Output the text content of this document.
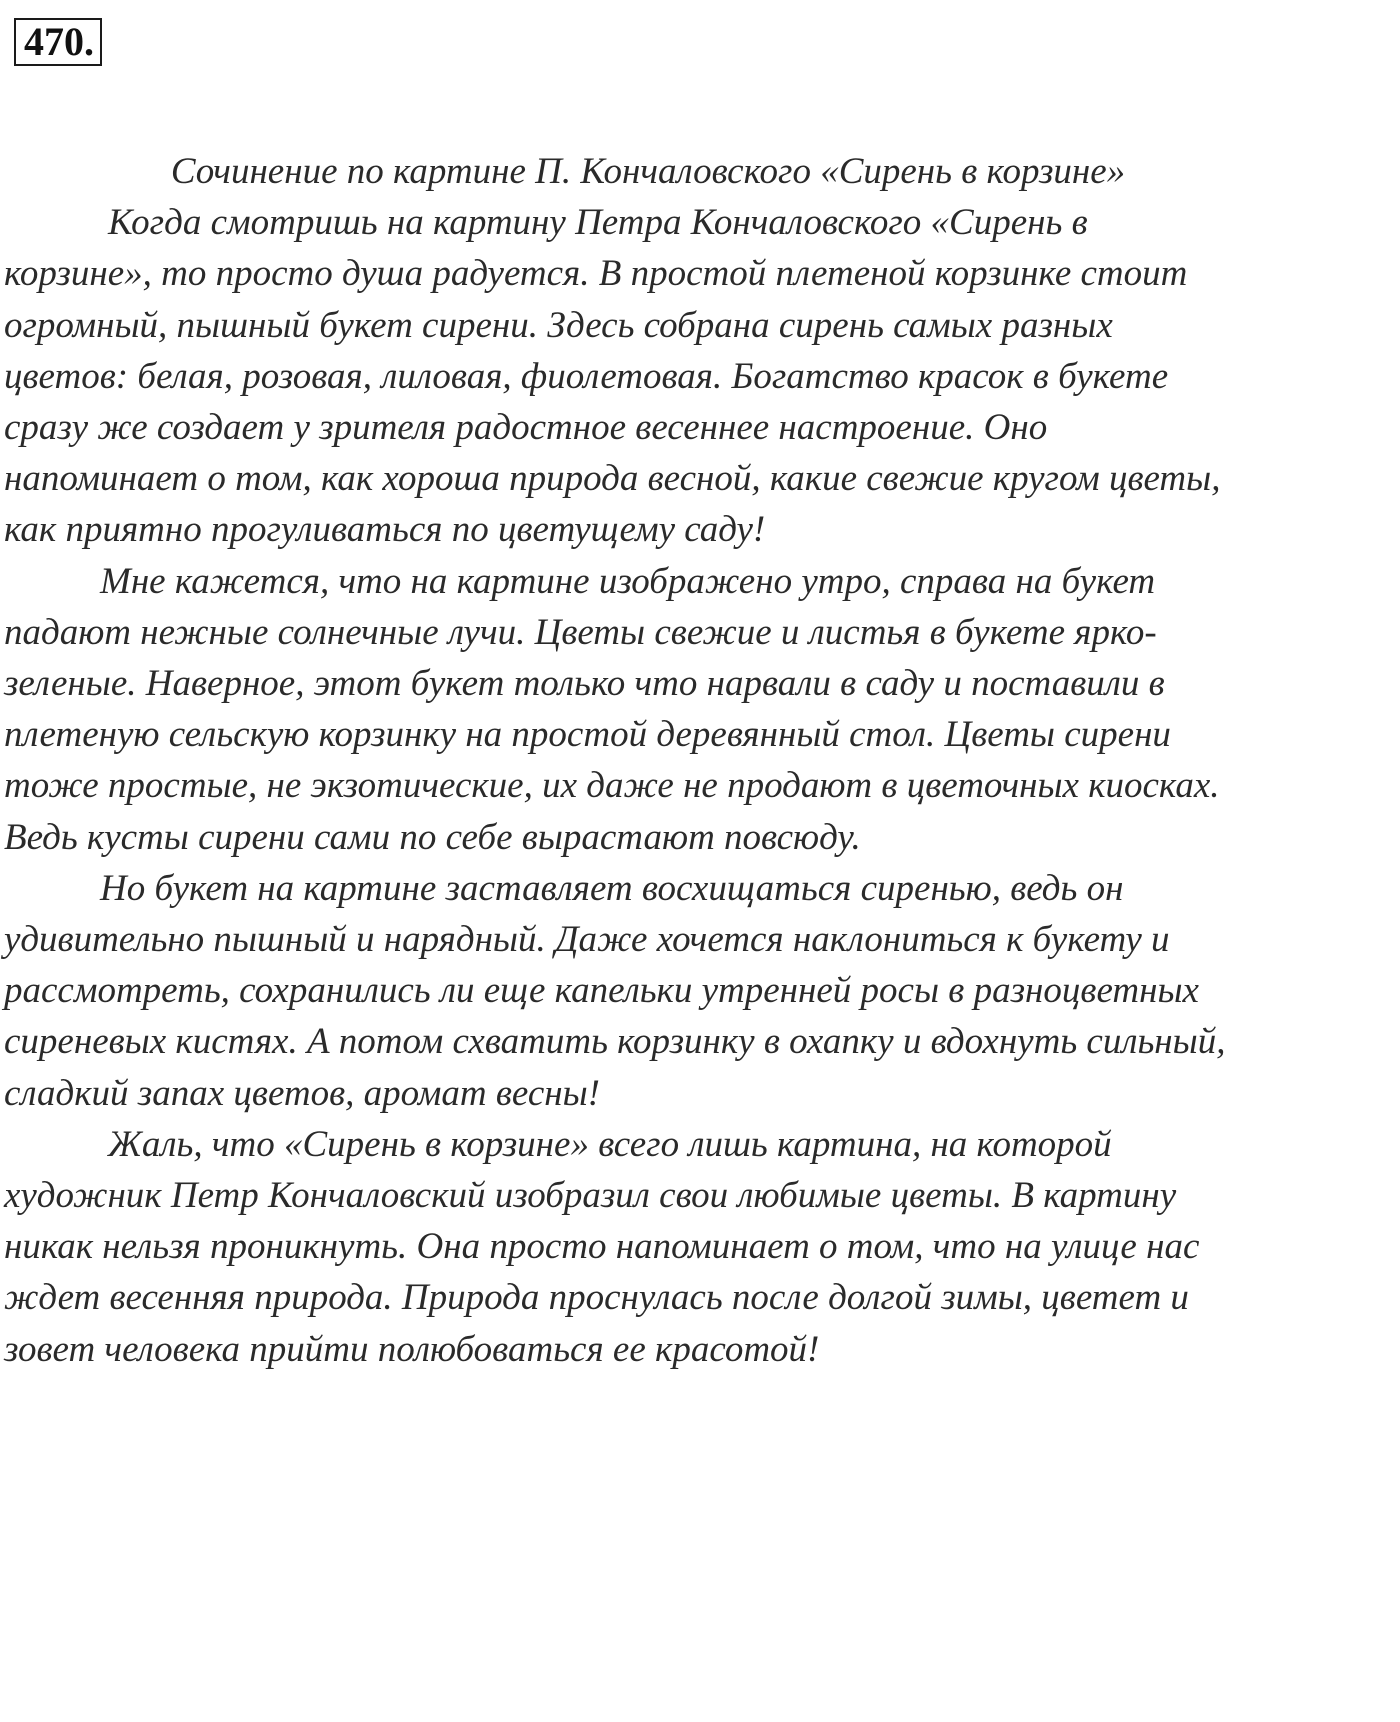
470.
Сочинение по картине П. Кончаловского «Сирень в корзине»
Когда смотришь на картину Петра Кончаловского «Сирень в
корзине», то просто душа радуется. В простой плетеной корзинке стоит
огромный, пышный букет сирени. Здесь собрана сирень самых разных
цветов: белая, розовая, лиловая, фиолетовая. Богатство красок в букете
сразу же создает у зрителя радостное весеннее настроение. Оно
напоминает о том, как хороша природа весной, какие свежие кругом цветы,
как приятно прогуливаться по цветущему саду!
Мне кажется, что на картине изображено утро, справа на букет
падают нежные солнечные лучи. Цветы свежие и листья в букете ярко-
зеленые. Наверное, этот букет только что нарвали в саду и поставили в
плетеную сельскую корзинку на простой деревянный стол. Цветы сирени
тоже простые, не экзотические, их даже не продают в цветочных киосках.
Ведь кусты сирени сами по себе вырастают повсюду.
Но букет на картине заставляет восхищаться сиренью, ведь он
удивительно пышный и нарядный. Даже хочется наклониться к букету и
рассмотреть, сохранились ли еще капельки утренней росы в разноцветных
сиреневых кистях. А потом схватить корзинку в охапку и вдохнуть сильный,
сладкий запах цветов, аромат весны!
Жаль, что «Сирень в корзине» всего лишь картина, на которой
художник Петр Кончаловский изобразил свои любимые цветы. В картину
никак нельзя проникнуть. Она просто напоминает о том, что на улице нас
ждет весенняя природа. Природа проснулась после долгой зимы, цветет и
зовет человека прийти полюбоваться ее красотой!
